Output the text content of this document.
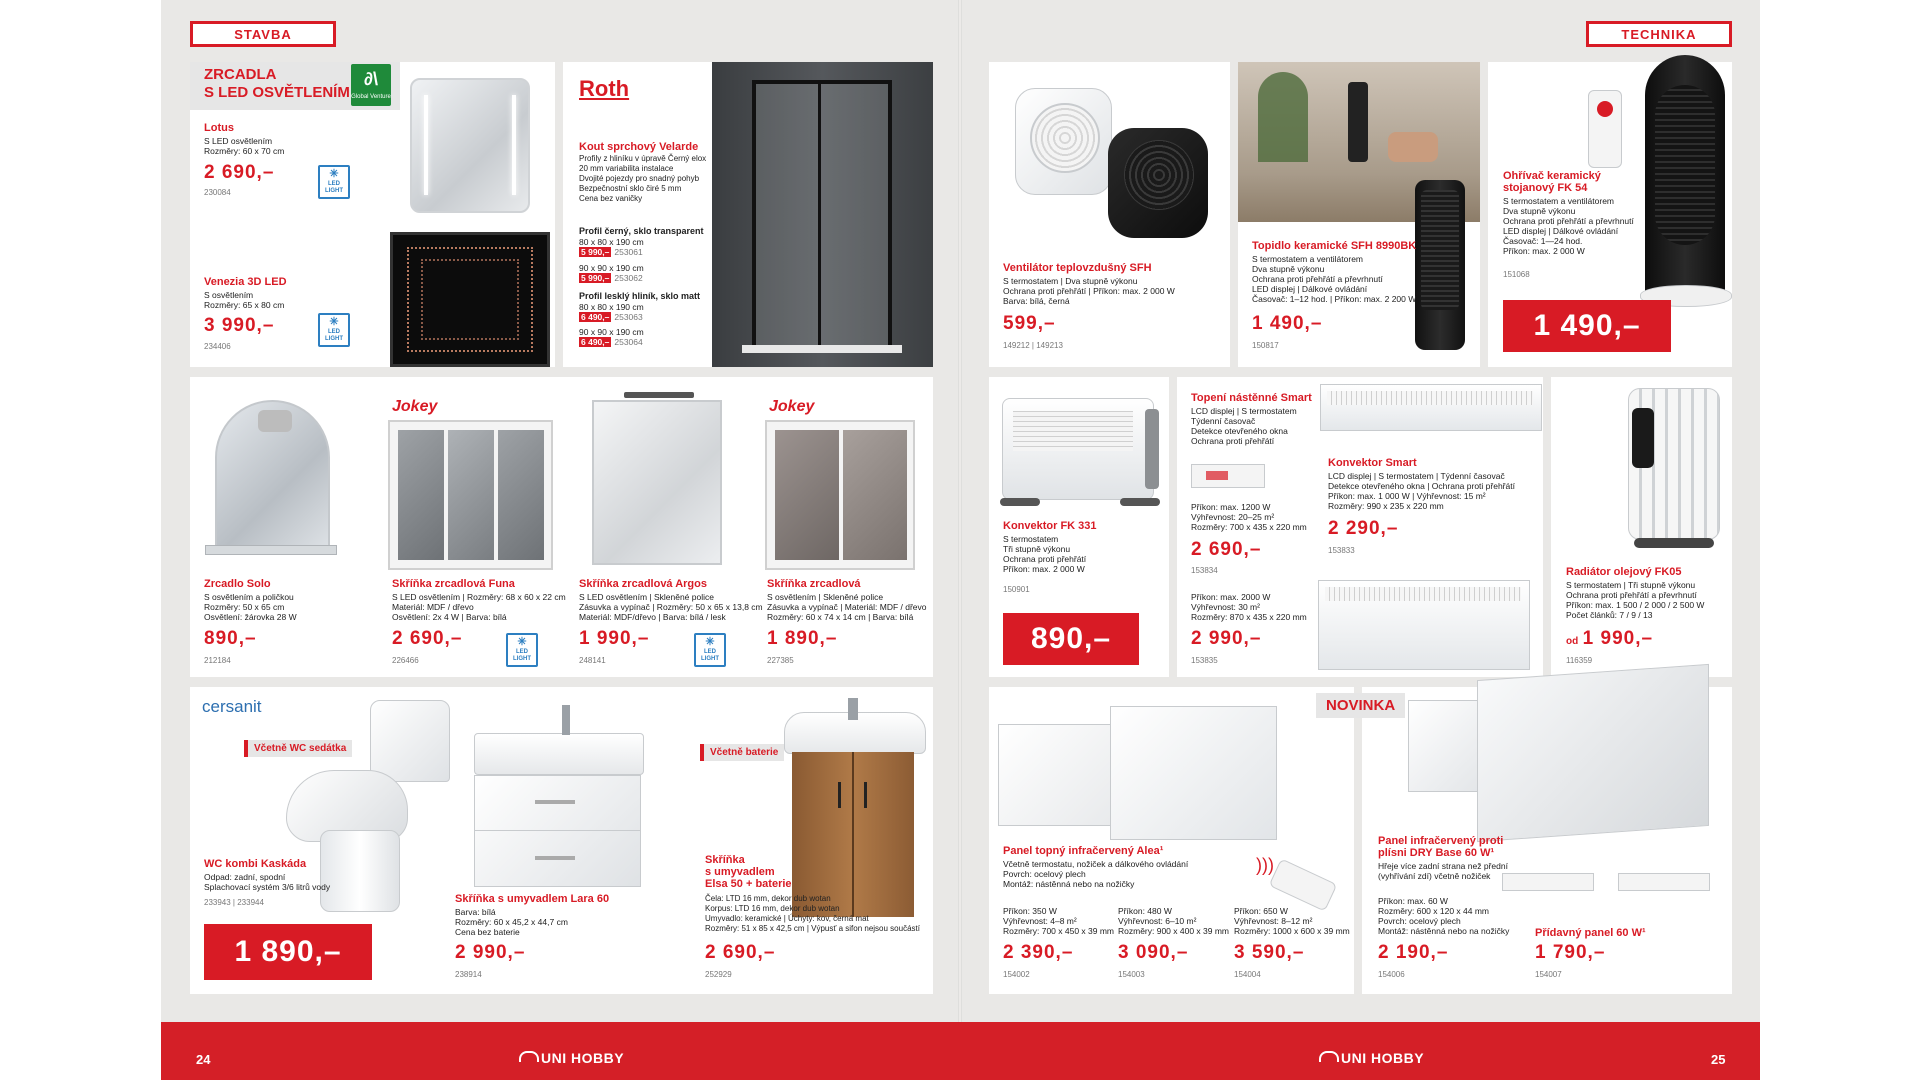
STAVBA
ZRCADLA
S LED OSVĚTLENÍM
∂\
Global Venture
Lotus
S LED osvětlením
Rozměry: 60 x 70 cm
2 690,–
230084
✳
LED
LIGHT
Venezia 3D LED
S osvětlením
Rozměry: 65 x 80 cm
3 990,–
234406
✳
LED
LIGHT
Roth
Kout sprchový Velarde
Profily z hliníku v úpravě Černý elox
20 mm variabilita instalace
Dvojité pojezdy pro snadný pohyb
Bezpečnostní sklo čiré 5 mm
Cena bez vaničky
Profil černý, sklo transparent
80 x 80 x 190 cm
5 990,– 253061
90 x 90 x 190 cm
5 990,– 253062
Profil lesklý hliník, sklo matt
80 x 80 x 190 cm
6 490,– 253063
90 x 90 x 190 cm
6 490,– 253064
Zrcadlo Solo
S osvětlením a poličkou
Rozměry: 50 x 65 cm
Osvětlení: žárovka 28 W
890,–
212184
Jokey
Skříňka zrcadlová Funa
S LED osvětlením | Rozměry: 68 x 60 x 22 cm
Materiál: MDF / dřevo
Osvětlení: 2x 4 W | Barva: bílá
2 690,–
226466
✳
LED
LIGHT
Skříňka zrcadlová Argos
S LED osvětlením | Skleněné police
Zásuvka a vypínač | Rozměry: 50 x 65 x 13,8 cm
Materiál: MDF/dřevo | Barva: bílá / lesk
1 990,–
248141
✳
LED
LIGHT
Jokey
Skříňka zrcadlová
S osvětlením | Skleněné police
Zásuvka a vypínač | Materiál: MDF / dřevo
Rozměry: 60 x 74 x 14 cm | Barva: bílá
1 890,–
227385
cersanit
Včetně WC sedátka
WC kombi Kaskáda
Odpad: zadní, spodní
Splachovací systém 3/6 litrů vody
233943 | 233944
1 890,–
Skříňka s umyvadlem Lara 60
Barva: bílá
Rozměry: 60 x 45,2 x 44,7 cm
Cena bez baterie
2 990,–
238914
Včetně baterie
Skříňka
s umyvadlem
Elsa 50 + baterie
Čela: LTD 16 mm, dekor dub wotan
Korpus: LTD 16 mm, dekor dub wotan
Umyvadlo: keramické | Úchyty: kov, černá mat
Rozměry: 51 x 85 x 42,5 cm | Výpusť a sifon nejsou součástí
2 690,–
252929
TECHNIKA
Ventilátor teplovzdušný SFH
S termostatem | Dva stupně výkonu
Ochrana proti přehřátí | Příkon: max. 2 000 W
Barva: bílá, černá
599,–
149212 | 149213
Topidlo keramické SFH 8990BK
S termostatem a ventilátorem
Dva stupně výkonu
Ochrana proti přehřátí a převrhnutí
LED displej | Dálkové ovládání
Časovač: 1–12 hod. | Příkon: max. 2 200 W
1 490,–
150817
Ohřívač keramický
stojanový FK 54
S termostatem a ventilátorem
Dva stupně výkonu
Ochrana proti přehřátí a převrhnutí
LED displej | Dálkové ovládání
Časovač: 1—24 hod.
Příkon: max. 2 000 W
151068
1 490,–
Konvektor FK 331
S termostatem
Tři stupně výkonu
Ochrana proti přehřátí
Příkon: max. 2 000 W
150901
890,–
Topení nástěnné Smart
LCD displej | S termostatem
Týdenní časovač
Detekce otevřeného okna
Ochrana proti přehřátí
Příkon: max. 1200 W
Výhřevnost: 20–25 m²
Rozměry: 700 x 435 x 220 mm
2 690,–
153834
Příkon: max. 2000 W
Výhřevnost: 30 m²
Rozměry: 870 x 435 x 220 mm
2 990,–
153835
Konvektor Smart
LCD displej | S termostatem | Týdenní časovač
Detekce otevřeného okna | Ochrana proti přehřátí
Příkon: max. 1 000 W | Výhřevnost: 15 m²
Rozměry: 990 x 235 x 220 mm
2 290,–
153833
Radiátor olejový FK05
S termostatem | Tři stupně výkonu
Ochrana proti přehřátí a převrhnutí
Příkon: max. 1 500 / 2 000 / 2 500 W
Počet článků: 7 / 9 / 13
od 1 990,–
116359
)))
Panel topný infračervený Alea¹
Včetně termostatu, nožiček a dálkového ovládání
Povrch: ocelový plech
Montáž: nástěnná nebo na nožičky
Příkon: 350 W
Výhřevnost: 4–8 m²
Rozměry: 700 x 450 x 39 mm
2 390,–
154002
Příkon: 480 W
Výhřevnost: 6–10 m²
Rozměry: 900 x 400 x 39 mm
3 090,–
154003
Příkon: 650 W
Výhřevnost: 8–12 m²
Rozměry: 1000 x 600 x 39 mm
3 590,–
154004
NOVINKA
Panel infračervený proti
plísni DRY Base 60 W¹
Hřeje více zadní strana než přední
(vyhřívání zdí) včetně nožiček
Příkon: max. 60 W
Rozměry: 600 x 120 x 44 mm
Povrch: ocelový plech
Montáž: nástěnná nebo na nožičky
2 190,–
154006
Přídavný panel 60 W¹
1 790,–
154007
24	UNI HOBBY	UNI HOBBY	25
